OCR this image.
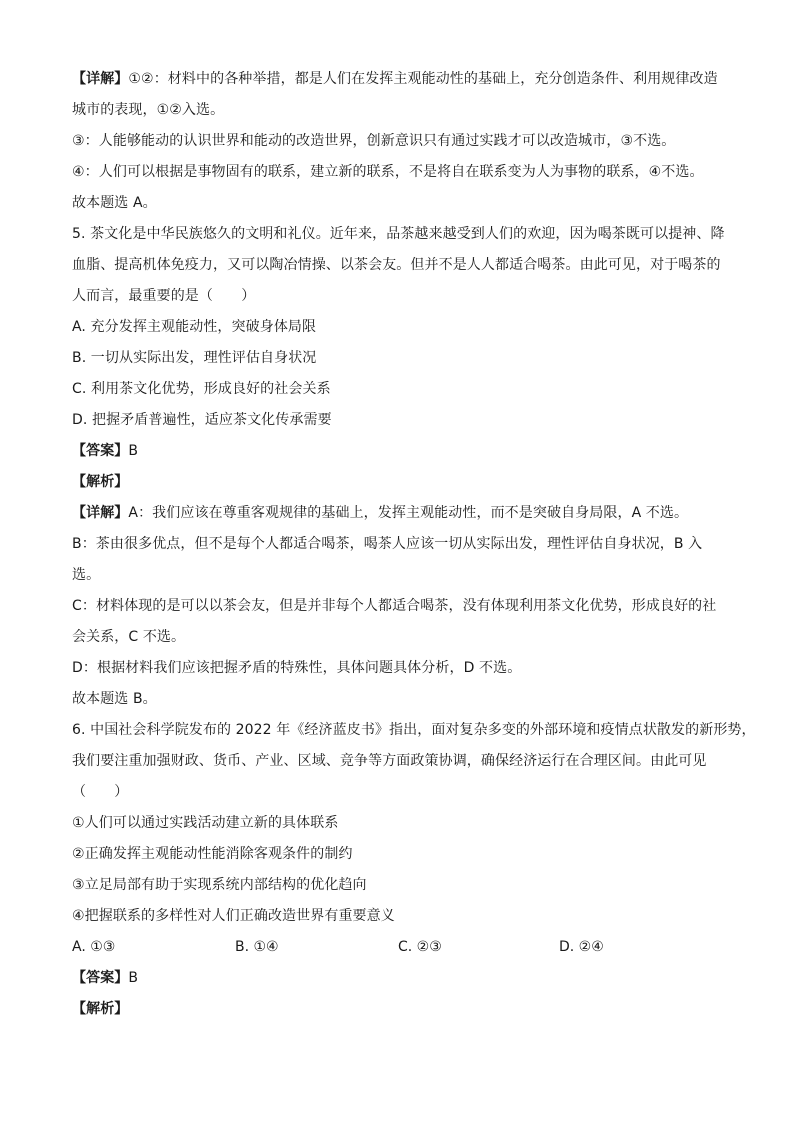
【详解】①②：材料中的各种举措，都是人们在发挥主观能动性的基础上，充分创造条件、利用规律改造
城市的表现，①②入选。
③：人能够能动的认识世界和能动的改造世界，创新意识只有通过实践才可以改造城市，③不选。
④：人们可以根据是事物固有的联系，建立新的联系，不是将自在联系变为人为事物的联系，④不选。
故本题选 A。
5. 茶文化是中华民族悠久的文明和礼仪。近年来，品茶越来越受到人们的欢迎，因为喝茶既可以提神、降
血脂、提高机体免疫力，又可以陶冶情操、以茶会友。但并不是人人都适合喝茶。由此可见，对于喝茶的
人而言，最重要的是（　　）
A. 充分发挥主观能动性，突破身体局限
B. 一切从实际出发，理性评估自身状况
C. 利用茶文化优势，形成良好的社会关系
D. 把握矛盾普遍性，适应茶文化传承需要
【答案】B
【解析】
【详解】A：我们应该在尊重客观规律的基础上，发挥主观能动性，而不是突破自身局限，A 不选。
B：茶由很多优点，但不是每个人都适合喝茶，喝茶人应该一切从实际出发，理性评估自身状况，B 入
选。
C：材料体现的是可以以茶会友，但是并非每个人都适合喝茶，没有体现利用茶文化优势，形成良好的社
会关系，C 不选。
D：根据材料我们应该把握矛盾的特殊性，具体问题具体分析，D 不选。
故本题选 B。
6. 中国社会科学院发布的 2022 年《经济蓝皮书》指出，面对复杂多变的外部环境和疫情点状散发的新形势，
我们要注重加强财政、货币、产业、区域、竞争等方面政策协调，确保经济运行在合理区间。由此可见
（　　）
①人们可以通过实践活动建立新的具体联系
②正确发挥主观能动性能消除客观条件的制约
③立足局部有助于实现系统内部结构的优化趋向
④把握联系的多样性对人们正确改造世界有重要意义
A. ①③	B. ①④	C. ②③	D. ②④
【答案】B
【解析】
